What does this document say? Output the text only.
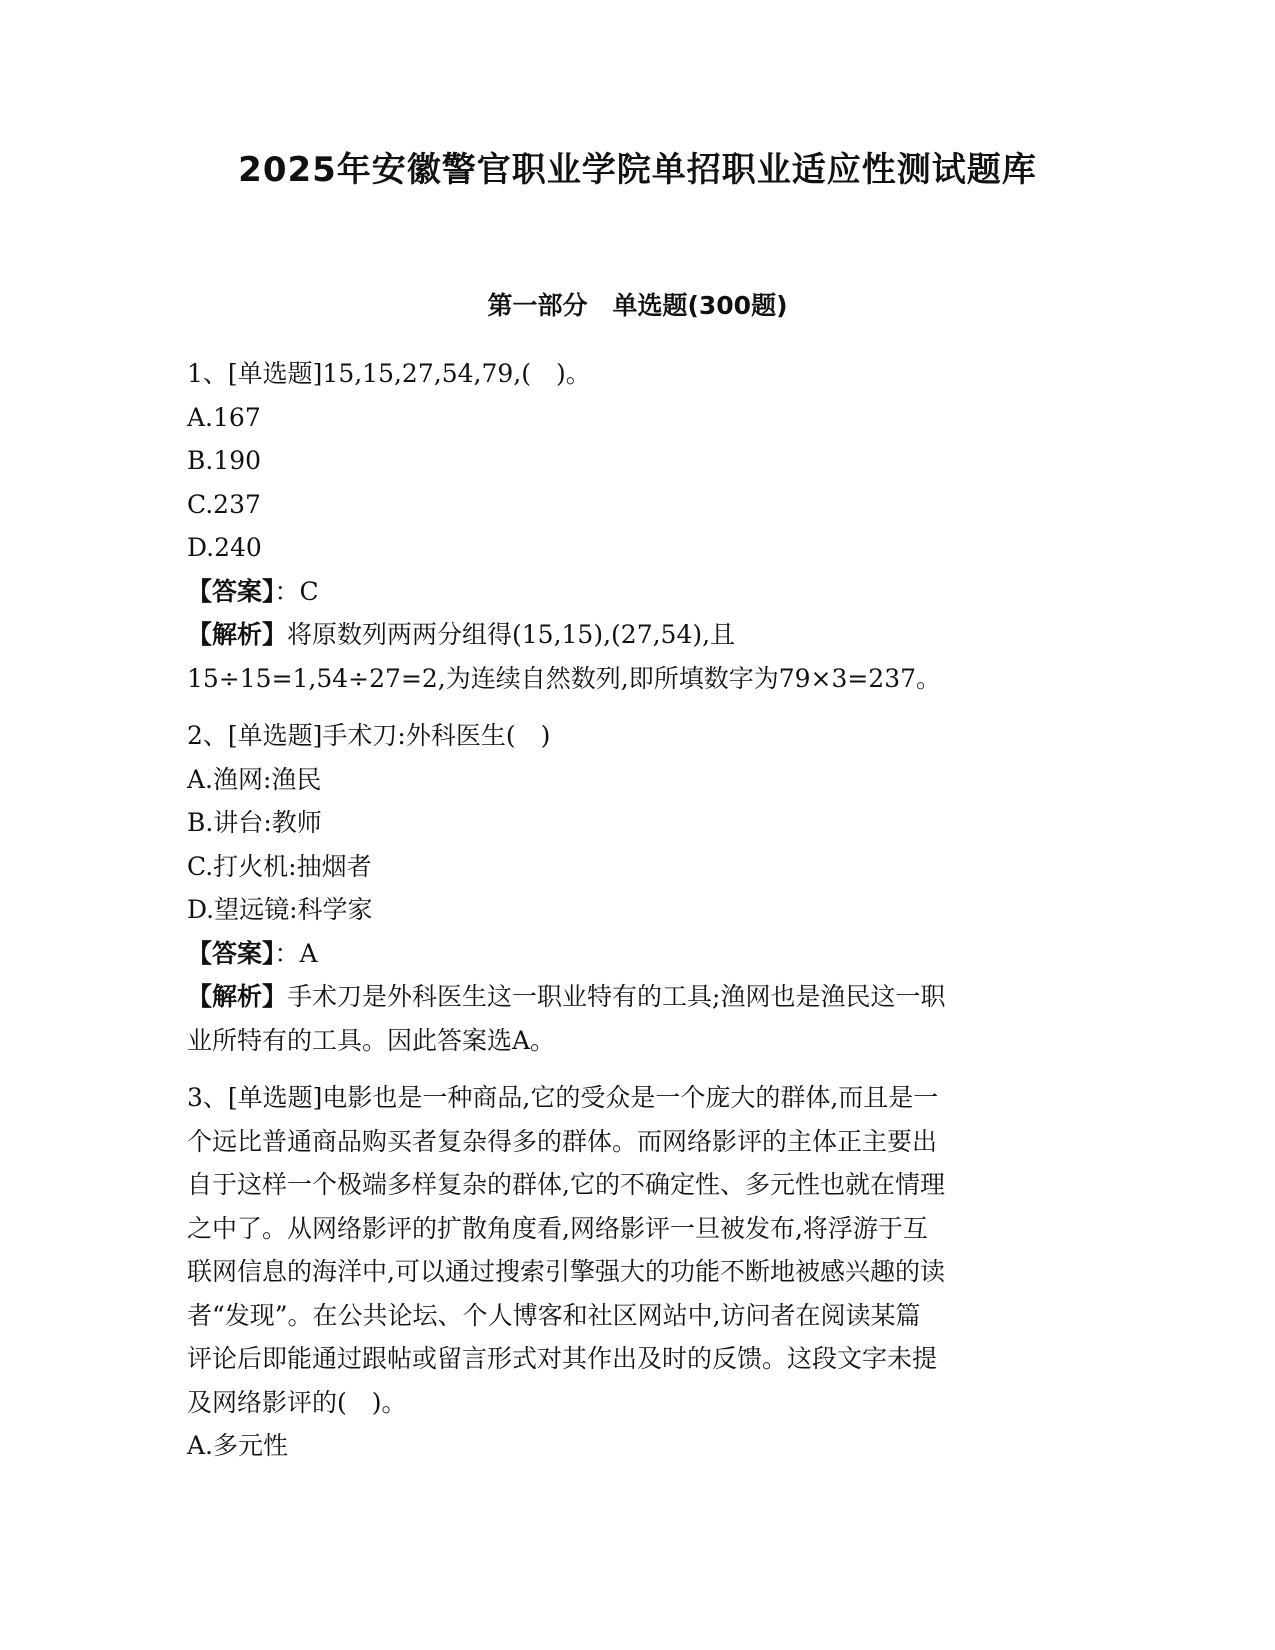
2025年安徽警官职业学院单招职业适应性测试题库
第一部分　单选题(300题)
1、[单选题]15,15,27,54,79,(　)。
A.167
B.190
C.237
D.240
【答案】：C
【解析】将原数列两两分组得(15,15),(27,54),且
15÷15=1,54÷27=2,为连续自然数列,即所填数字为79×3=237。
2、[单选题]手术刀:外科医生(　)
A.渔网:渔民
B.讲台:教师
C.打火机:抽烟者
D.望远镜:科学家
【答案】：A
【解析】手术刀是外科医生这一职业特有的工具;渔网也是渔民这一职
业所特有的工具。因此答案选A。
3、[单选题]电影也是一种商品,它的受众是一个庞大的群体,而且是一
个远比普通商品购买者复杂得多的群体。而网络影评的主体正主要出
自于这样一个极端多样复杂的群体,它的不确定性、多元性也就在情理
之中了。从网络影评的扩散角度看,网络影评一旦被发布,将浮游于互
联网信息的海洋中,可以通过搜索引擎强大的功能不断地被感兴趣的读
者“发现”。在公共论坛、个人博客和社区网站中,访问者在阅读某篇
评论后即能通过跟帖或留言形式对其作出及时的反馈。这段文字未提
及网络影评的(　)。
A.多元性
